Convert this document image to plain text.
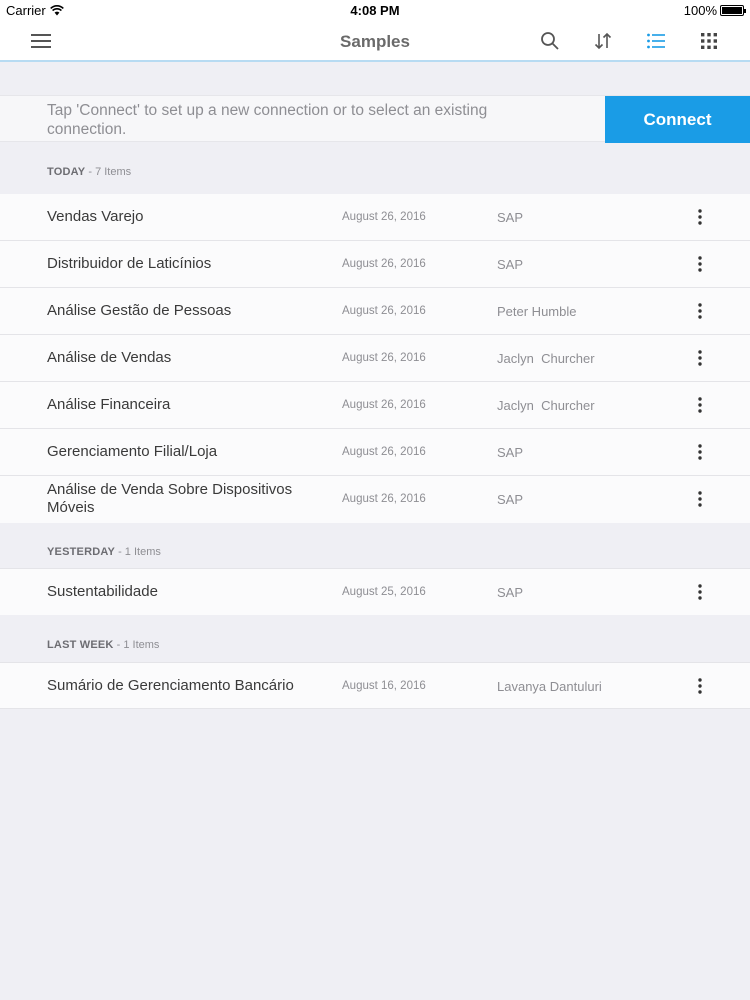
Carrier	4:08 PM	100%
Samples
Tap 'Connect' to set up a new connection or to select an existing connection.
Connect
TODAY - 7 Items
Vendas Varejo	August 26, 2016	SAP
Distribuidor de Laticínios	August 26, 2016	SAP
Análise Gestão de Pessoas	August 26, 2016	Peter Humble
Análise de Vendas	August 26, 2016	Jaclyn  Churcher
Análise Financeira	August 26, 2016	Jaclyn  Churcher
Gerenciamento Filial/Loja	August 26, 2016	SAP
Análise de Venda Sobre Dispositivos Móveis	August 26, 2016	SAP
YESTERDAY - 1 Items
Sustentabilidade	August 25, 2016	SAP
LAST WEEK - 1 Items
Sumário de Gerenciamento Bancário	August 16, 2016	Lavanya Dantuluri
